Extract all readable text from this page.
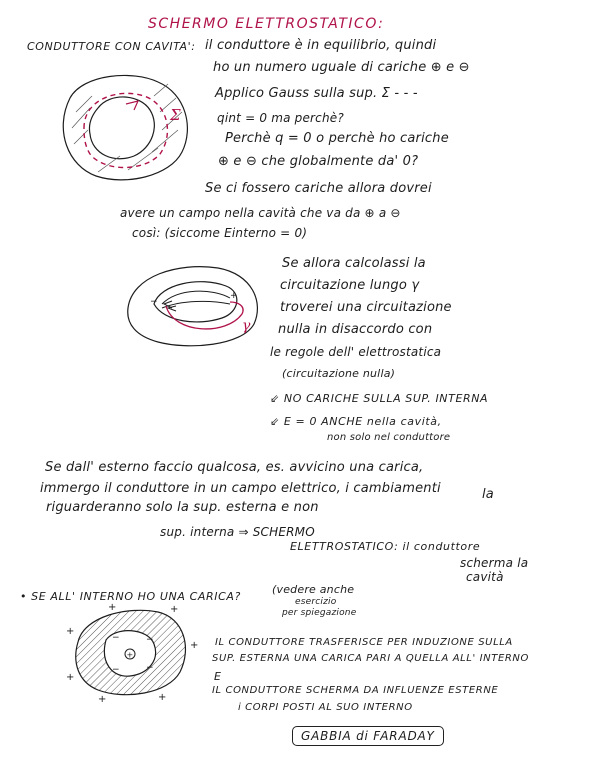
SCHERMO ELETTROSTATICO:

CONDUTTORE CON CAVITA': il conduttore è in equilibrio, quindi

ho un numero uguale di cariche ⊕ e ⊖

Applico Gauss sulla sup. Σ - - -

qint = 0 ma perchè?

Perchè q = 0 o perchè ho cariche

⊕ e ⊖ che globalmente da' 0?

Se ci fossero cariche allora dovrei

avere un campo nella cavità che va da ⊕ a ⊖

così: (siccome Einterno = 0)

Σ

Se allora calcolassi la

circuitazione lungo γ

troverei una circuitazione

nulla in disaccordo con

le regole dell' elettrostatica

(circuitazione nulla)

⇙ NO CARICHE SULLA SUP. INTERNA

⇙ E = 0 ANCHE nella cavità,

non solo nel conduttore

−
+
γ

Se dall' esterno faccio qualcosa, es. avvicino una carica,

immergo il conduttore in un campo elettrico, i cambiamenti	la

riguarderanno solo la sup. esterna e non

sup. interna ⇒ SCHERMO

ELETTROSTATICO: il conduttore

scherma la

cavità

• SE ALL' INTERNO HO UNA CARICA?

(vedere anche

esercizio

per spiegazione

+
−	−
−	−
+
+	+
+
+
+	+

IL CONDUTTORE TRASFERISCE PER INDUZIONE SULLA

SUP. ESTERNA UNA CARICA PARI A QUELLA ALL' INTERNO

E

IL CONDUTTORE SCHERMA DA INFLUENZE ESTERNE

i CORPI POSTI AL SUO INTERNO

GABBIA di FARADAY
